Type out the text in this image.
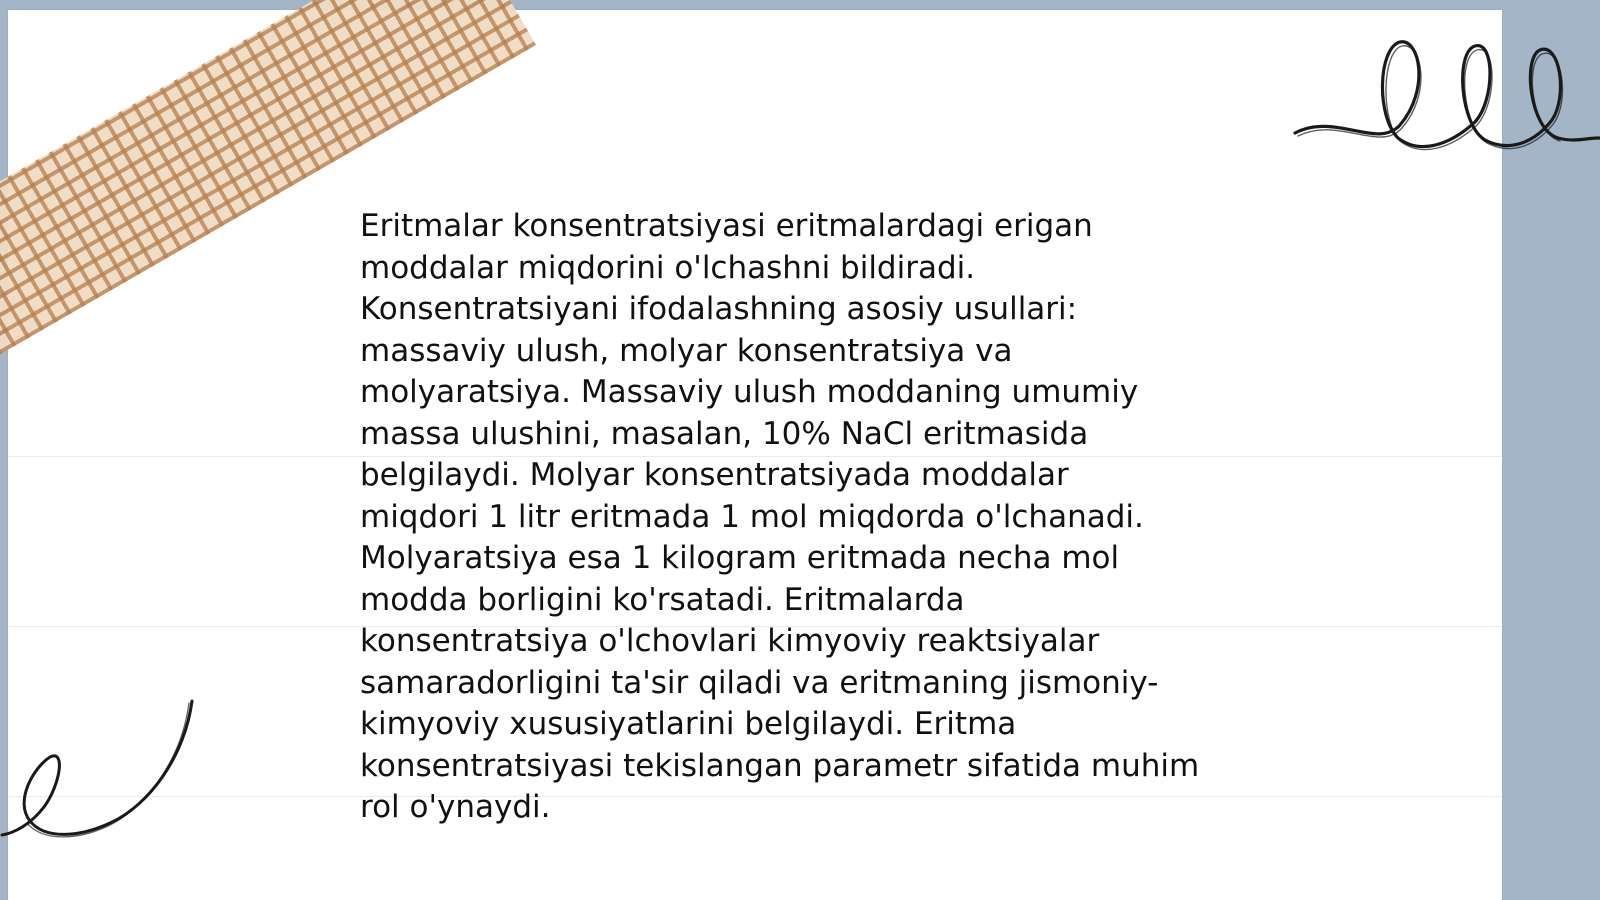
Eritmalar konsentratsiyasi eritmalardagi erigan
moddalar miqdorini o'lchashni bildiradi.
Konsentratsiyani ifodalashning asosiy usullari:
massaviy ulush, molyar konsentratsiya va
molyaratsiya. Massaviy ulush moddaning umumiy
massa ulushini, masalan, 10% NaCl eritmasida
belgilaydi. Molyar konsentratsiyada moddalar
miqdori 1 litr eritmada 1 mol miqdorda o'lchanadi.
Molyaratsiya esa 1 kilogram eritmada necha mol
modda borligini ko'rsatadi. Eritmalarda
konsentratsiya o'lchovlari kimyoviy reaktsiyalar
samaradorligini ta'sir qiladi va eritmaning jismoniy-
kimyoviy xususiyatlarini belgilaydi. Eritma
konsentratsiyasi tekislangan parametr sifatida muhim
rol o'ynaydi.
